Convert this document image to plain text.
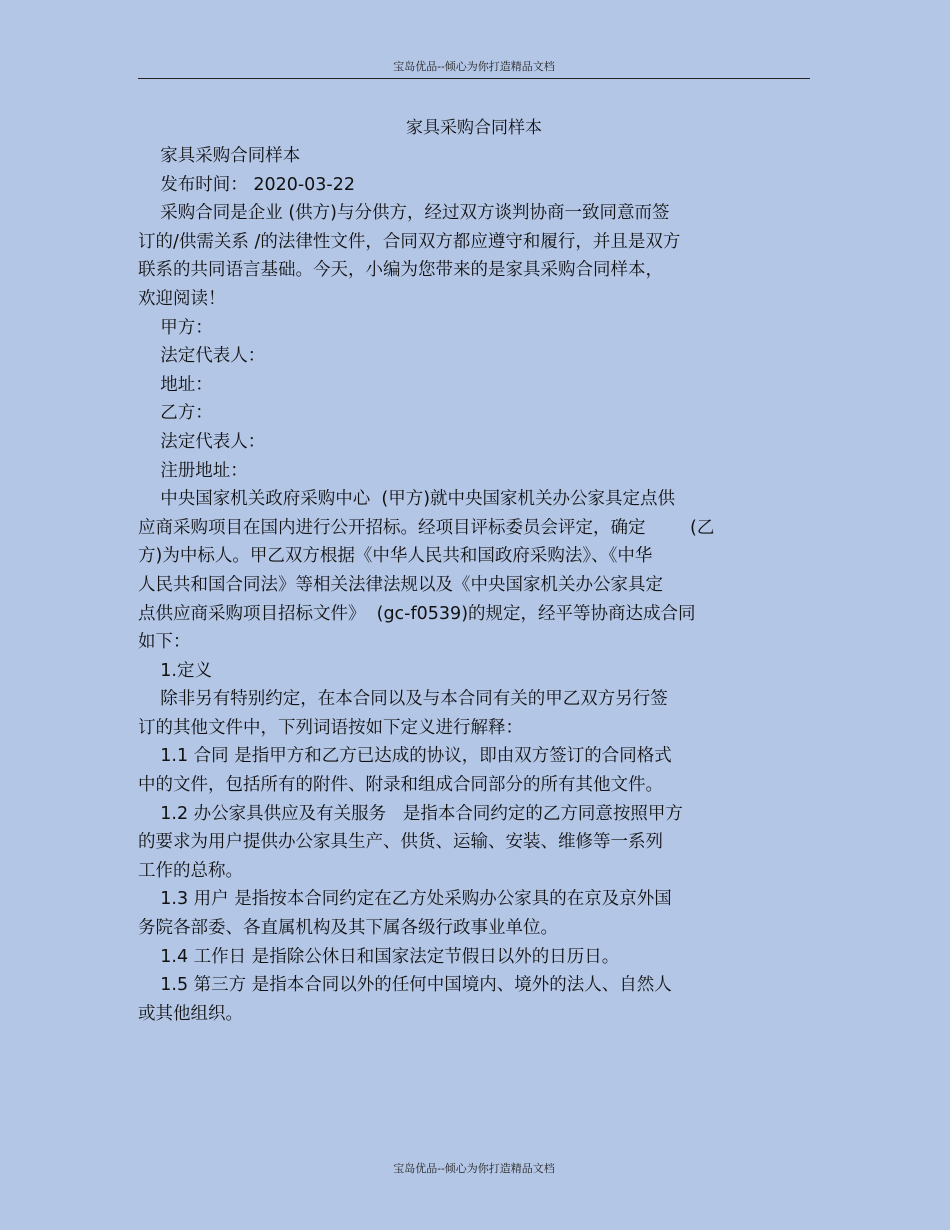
宝岛优品--倾心为你打造精品文档
家具采购合同样本

家具采购合同样本

发布时间： 2020-03-22

采购合同是企业 (供方)与分供方，经过双方谈判协商一致同意而签

订的/供需关系 /的法律性文件，合同双方都应遵守和履行，并且是双方

联系的共同语言基础。今天，小编为您带来的是家具采购合同样本，

欢迎阅读！

甲方：

法定代表人：

地址：

乙方：

法定代表人：

注册地址：

中央国家机关政府采购中心  (甲方)就中央国家机关办公家具定点供

应商采购项目在国内进行公开招标。经项目评标委员会评定，确定        (乙

方)为中标人。甲乙双方根据《中华人民共和国政府采购法》、《中华

人民共和国合同法》等相关法律法规以及《中央国家机关办公家具定

点供应商采购项目招标文件》  (gc-f0539)的规定，经平等协商达成合同

如下：

1.定义

除非另有特别约定，在本合同以及与本合同有关的甲乙双方另行签

订的其他文件中，下列词语按如下定义进行解释：

1.1 合同 是指甲方和乙方已达成的协议，即由双方签订的合同格式

中的文件，包括所有的附件、附录和组成合同部分的所有其他文件。

1.2 办公家具供应及有关服务   是指本合同约定的乙方同意按照甲方

的要求为用户提供办公家具生产、供货、运输、安装、维修等一系列

工作的总称。

1.3 用户 是指按本合同约定在乙方处采购办公家具的在京及京外国

务院各部委、各直属机构及其下属各级行政事业单位。

1.4 工作日 是指除公休日和国家法定节假日以外的日历日。

1.5 第三方 是指本合同以外的任何中国境内、境外的法人、自然人

或其他组织。

宝岛优品--倾心为你打造精品文档
